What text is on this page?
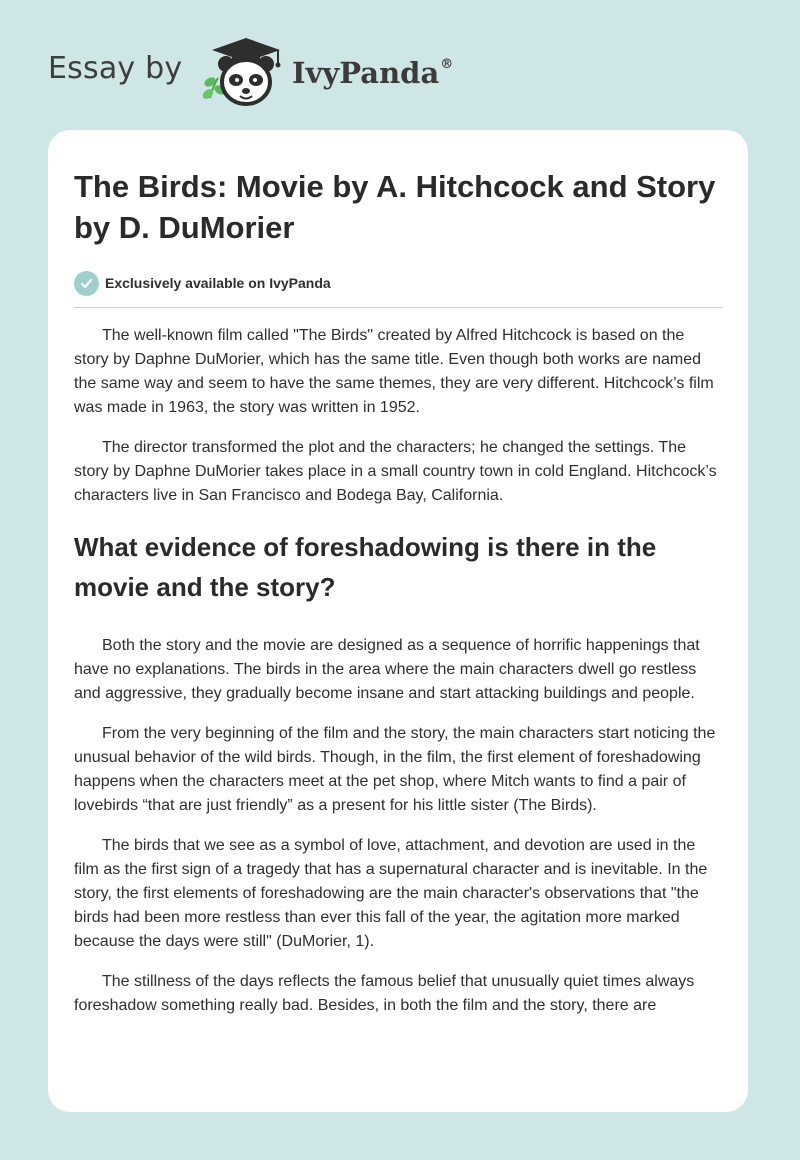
Essay by	IvyPanda®
The Birds: Movie by A. Hitchcock and Story by D. DuMorier
Exclusively available on IvyPanda

The well-known film called "The Birds" created by Alfred Hitchcock is based on the story by Daphne DuMorier, which has the same title. Even though both works are named the same way and seem to have the same themes, they are very different. Hitchcock’s film was made in 1963, the story was written in 1952.

The director transformed the plot and the characters; he changed the settings. The story by Daphne DuMorier takes place in a small country town in cold England. Hitchcock’s characters live in San Francisco and Bodega Bay, California.

What evidence of foreshadowing is there in the movie and the story?

Both the story and the movie are designed as a sequence of horrific happenings that have no explanations. The birds in the area where the main characters dwell go restless and aggressive, they gradually become insane and start attacking buildings and people.

From the very beginning of the film and the story, the main characters start noticing the unusual behavior of the wild birds. Though, in the film, the first element of foreshadowing happens when the characters meet at the pet shop, where Mitch wants to find a pair of lovebirds “that are just friendly” as a present for his little sister (The Birds).

The birds that we see as a symbol of love, attachment, and devotion are used in the film as the first sign of a tragedy that has a supernatural character and is inevitable. In the story, the first elements of foreshadowing are the main character's observations that "the birds had been more restless than ever this fall of the year, the agitation more marked because the days were still" (DuMorier, 1).

The stillness of the days reflects the famous belief that unusually quiet times always foreshadow something really bad. Besides, in both the film and the story, there are
